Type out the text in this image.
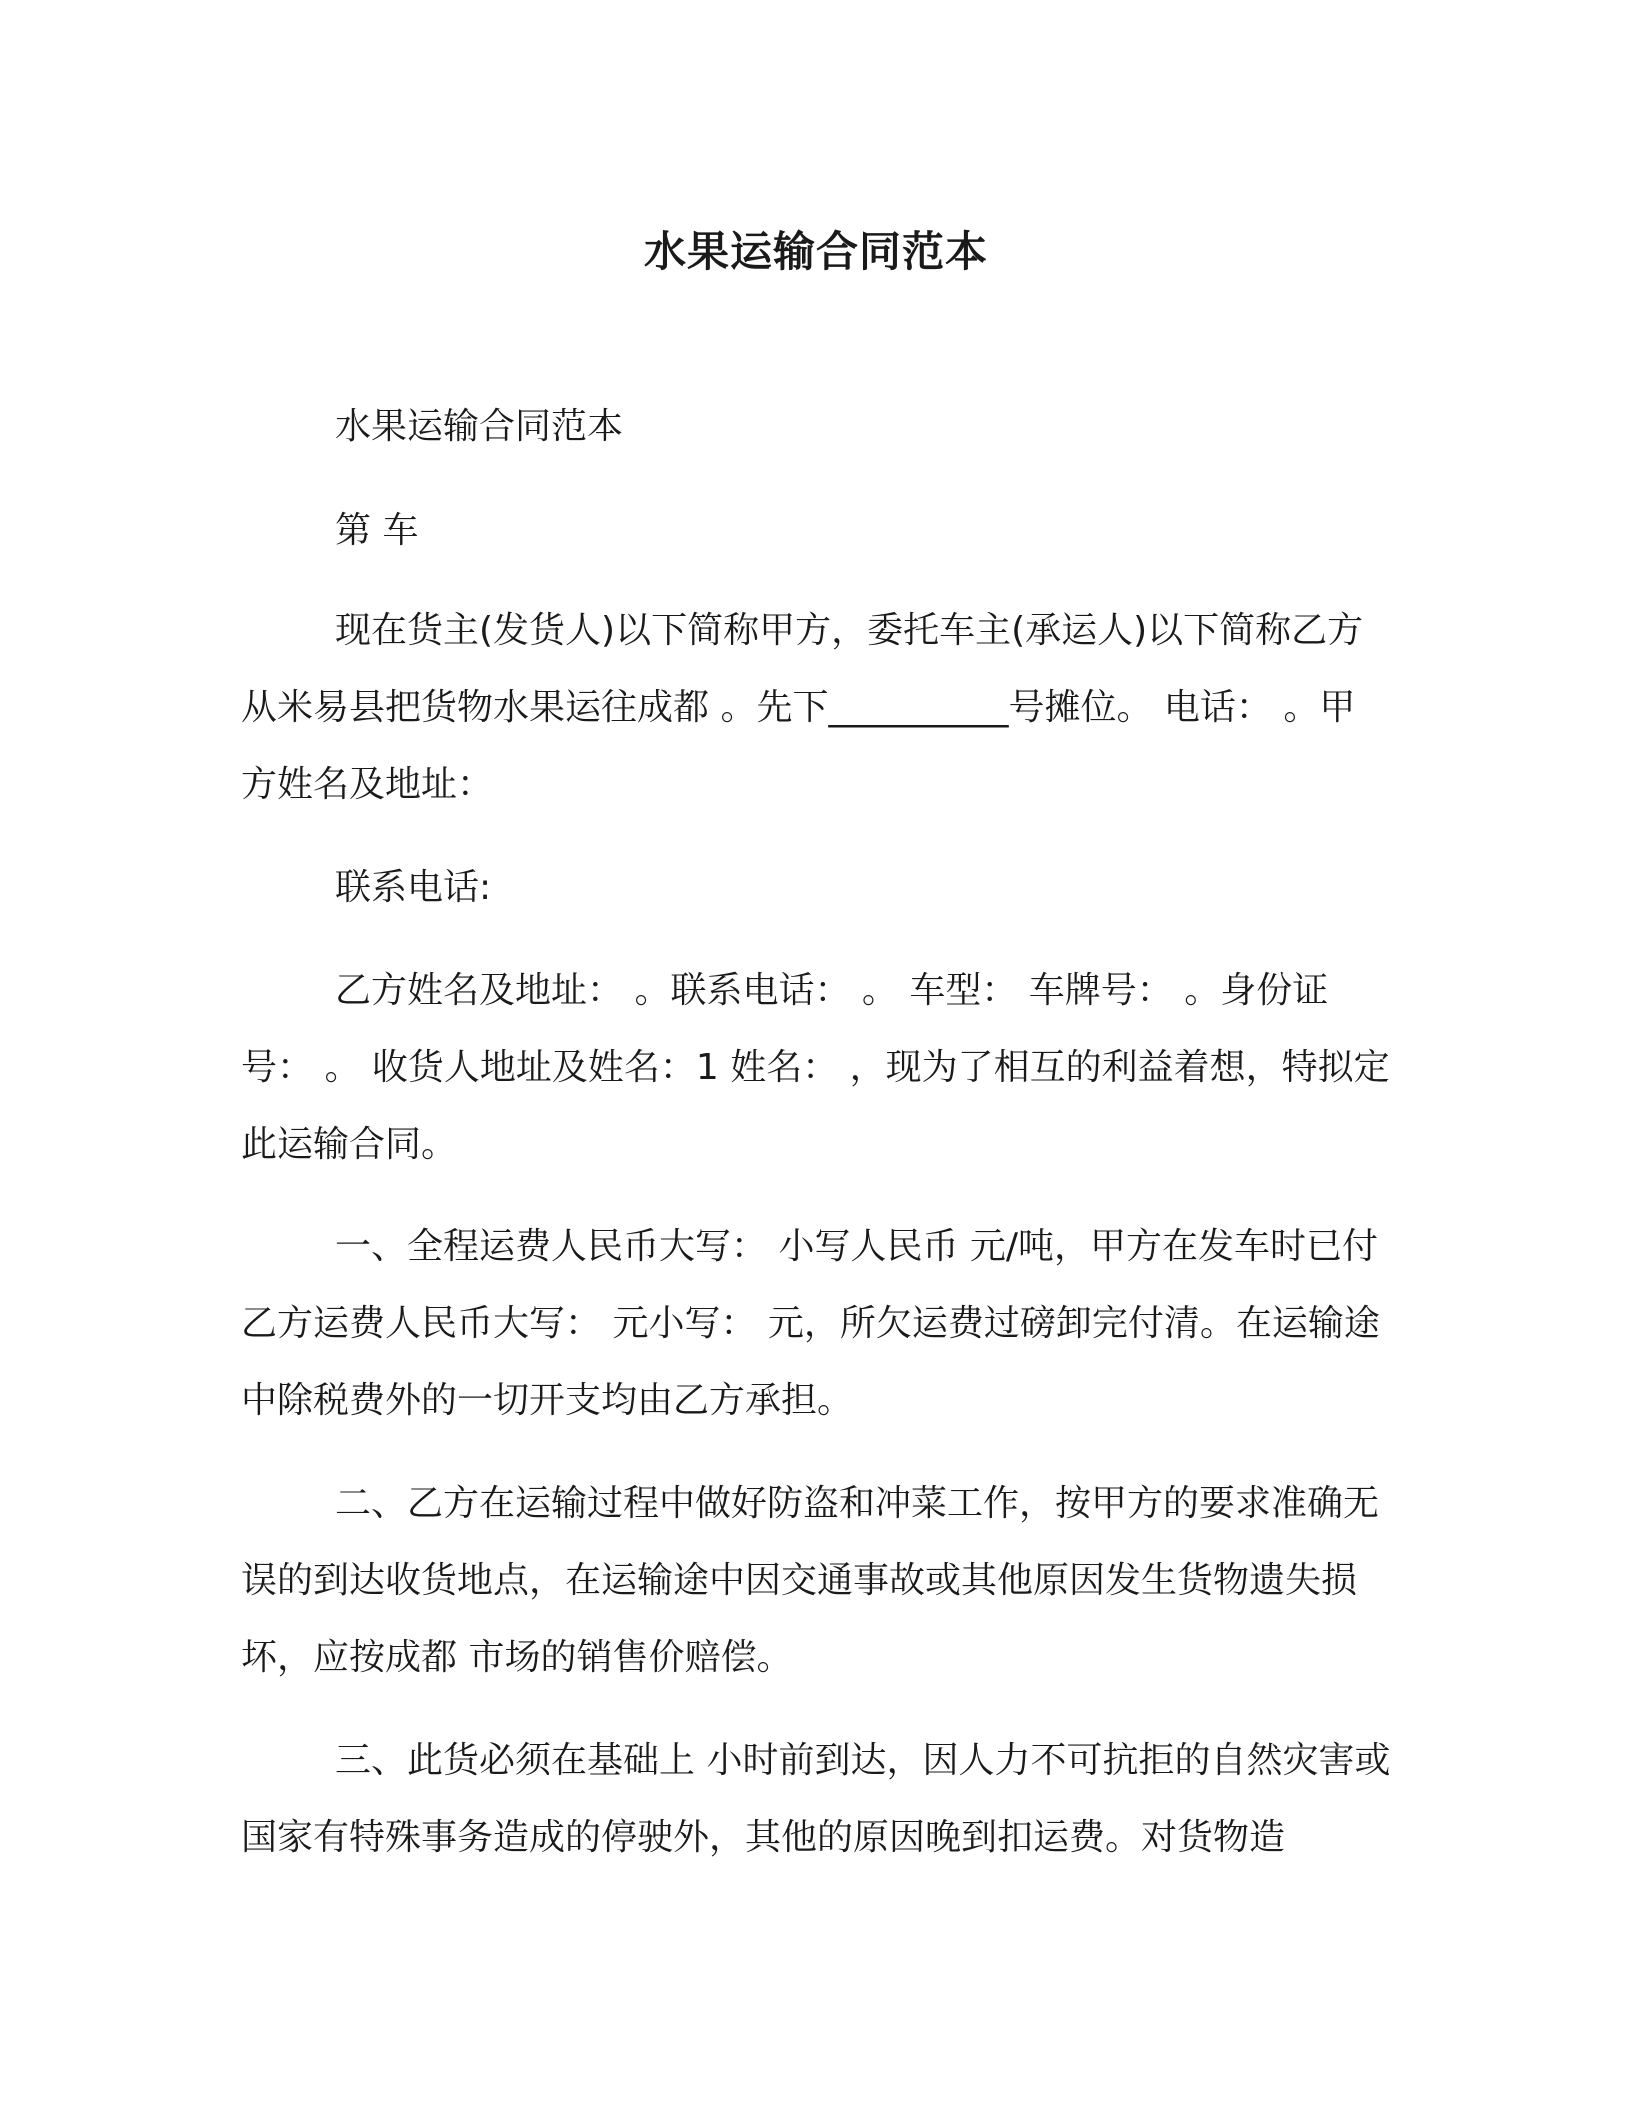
水果运输合同范本

水果运输合同范本

第 车

现在货主(发货人)以下简称甲方，委托车主(承运人)以下简称乙方从米易县把货物水果运往成都 。先下__________号摊位。 电话： 。甲方姓名及地址：

联系电话:

乙方姓名及地址： 。联系电话： 。 车型： 车牌号： 。身份证号： 。 收货人地址及姓名：1 姓名： ，现为了相互的利益着想，特拟定此运输合同。

一、全程运费人民币大写： 小写人民币 元/吨，甲方在发车时已付乙方运费人民币大写： 元小写： 元，所欠运费过磅卸完付清。在运输途中除税费外的一切开支均由乙方承担。

二、乙方在运输过程中做好防盗和冲菜工作，按甲方的要求准确无误的到达收货地点，在运输途中因交通事故或其他原因发生货物遗失损坏，应按成都 市场的销售价赔偿。

三、此货必须在基础上 小时前到达，因人力不可抗拒的自然灾害或国家有特殊事务造成的停驶外，其他的原因晚到扣运费。对货物造
